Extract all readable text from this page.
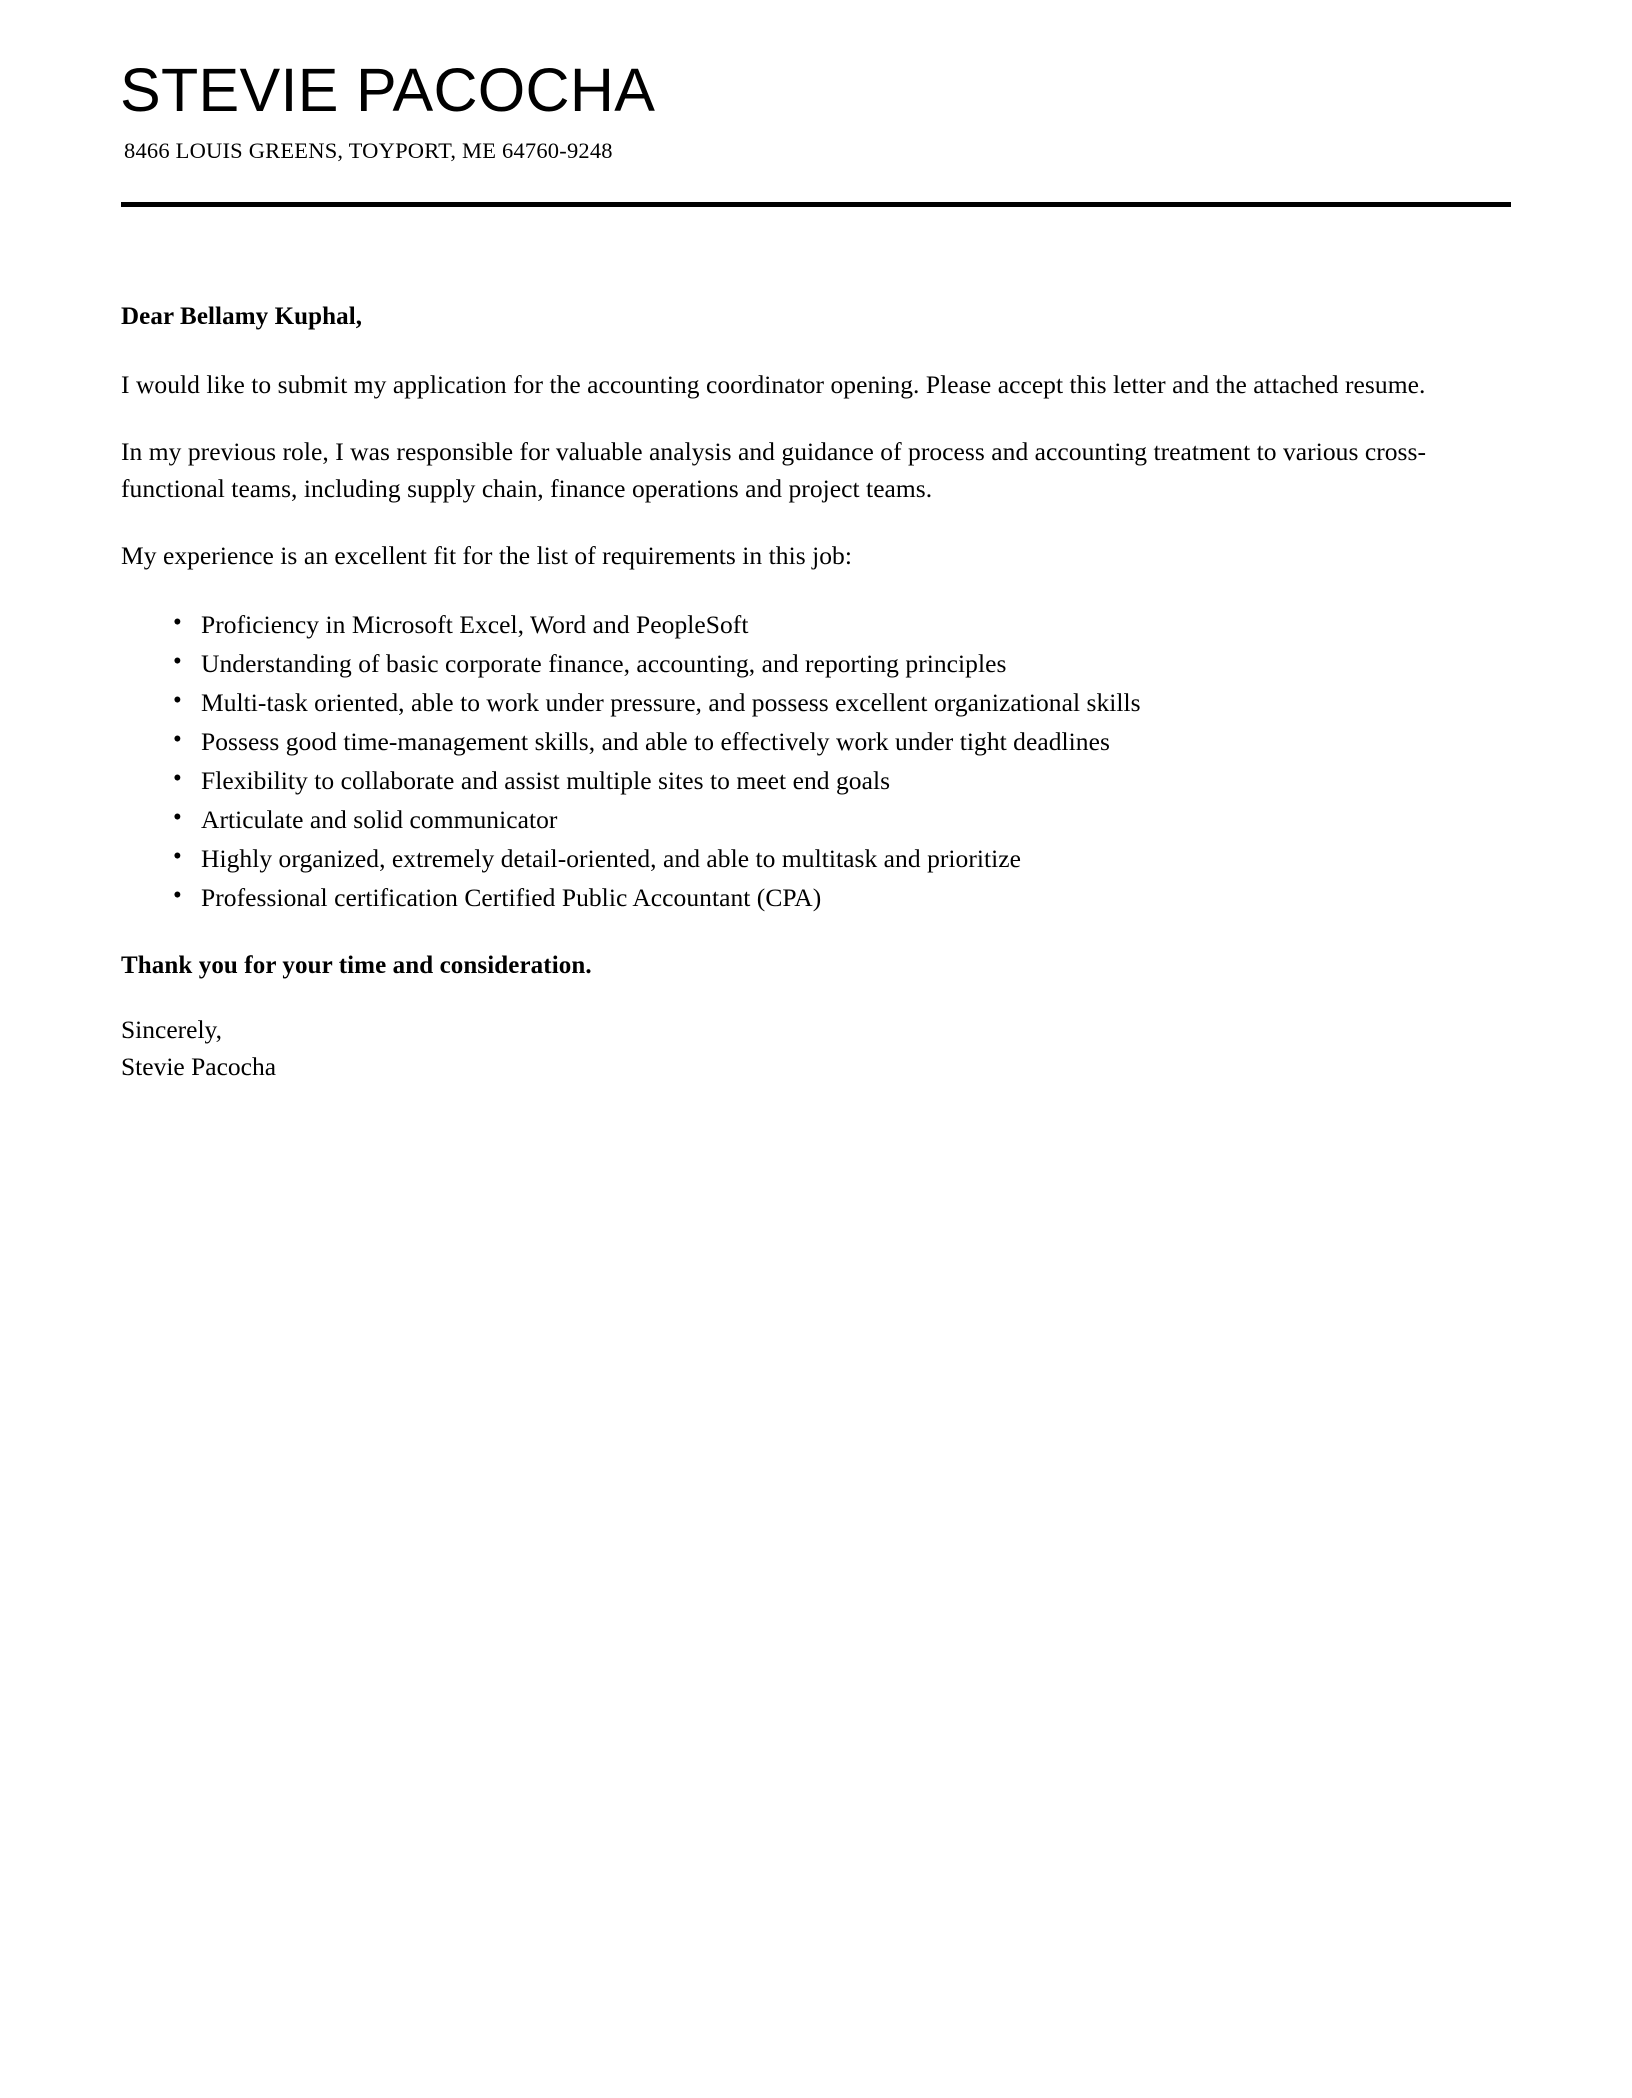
STEVIE PACOCHA
8466 LOUIS GREENS, TOYPORT, ME 64760-9248
Dear Bellamy Kuphal,

I would like to submit my application for the accounting coordinator opening. Please accept this letter and the attached resume.

In my previous role, I was responsible for valuable analysis and guidance of process and accounting treatment to various cross-functional teams, including supply chain, finance operations and project teams.

My experience is an excellent fit for the list of requirements in this job:

• Proficiency in Microsoft Excel, Word and PeopleSoft
• Understanding of basic corporate finance, accounting, and reporting principles
• Multi-task oriented, able to work under pressure, and possess excellent organizational skills
• Possess good time-management skills, and able to effectively work under tight deadlines
• Flexibility to collaborate and assist multiple sites to meet end goals
• Articulate and solid communicator
• Highly organized, extremely detail-oriented, and able to multitask and prioritize
• Professional certification Certified Public Accountant (CPA)
Thank you for your time and consideration.
Sincerely,
Stevie Pacocha
